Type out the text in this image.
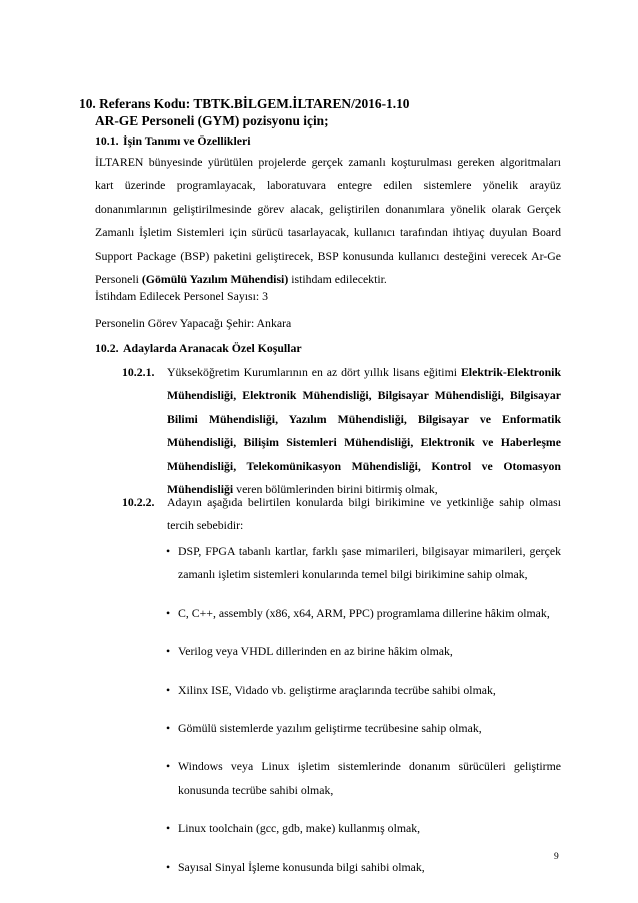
10. Referans Kodu: TBTK.BİLGEM.İLTAREN/2016-1.10
AR-GE Personeli (GYM) pozisyonu için;
10.1. İşin Tanımı ve Özellikleri
İLTAREN bünyesinde yürütülen projelerde gerçek zamanlı koşturulması gereken algoritmaları kart üzerinde programlayacak, laboratuvara entegre edilen sistemlere yönelik arayüz donanımlarının geliştirilmesinde görev alacak, geliştirilen donanımlara yönelik olarak Gerçek Zamanlı İşletim Sistemleri için sürücü tasarlayacak, kullanıcı tarafından ihtiyaç duyulan Board Support Package (BSP) paketini geliştirecek, BSP konusunda kullanıcı desteğini verecek Ar-Ge Personeli (Gömülü Yazılım Mühendisi) istihdam edilecektir.
İstihdam Edilecek Personel Sayısı: 3
Personelin Görev Yapacağı Şehir: Ankara
10.2. Adaylarda Aranacak Özel Koşullar
10.2.1. Yükseköğretim Kurumlarının en az dört yıllık lisans eğitimi Elektrik-Elektronik Mühendisliği, Elektronik Mühendisliği, Bilgisayar Mühendisliği, Bilgisayar Bilimi Mühendisliği, Yazılım Mühendisliği, Bilgisayar ve Enformatik Mühendisliği, Bilişim Sistemleri Mühendisliği, Elektronik ve Haberleşme Mühendisliği, Telekomünikasyon Mühendisliği, Kontrol ve Otomasyon Mühendisliği veren bölümlerinden birini bitirmiş olmak,
10.2.2. Adayın aşağıda belirtilen konularda bilgi birikimine ve yetkinliğe sahip olması tercih sebebidir:
• DSP, FPGA tabanlı kartlar, farklı şase mimarileri, bilgisayar mimarileri, gerçek zamanlı işletim sistemleri konularında temel bilgi birikimine sahip olmak,
• C, C++, assembly (x86, x64, ARM, PPC) programlama dillerine hâkim olmak,
• Verilog veya VHDL dillerinden en az birine hâkim olmak,
• Xilinx ISE, Vidado vb. geliştirme araçlarında tecrübe sahibi olmak,
• Gömülü sistemlerde yazılım geliştirme tecrübesine sahip olmak,
• Windows veya Linux işletim sistemlerinde donanım sürücüleri geliştirme konusunda tecrübe sahibi olmak,
• Linux toolchain (gcc, gdb, make) kullanmış olmak,
• Sayısal Sinyal İşleme konusunda bilgi sahibi olmak,
9
